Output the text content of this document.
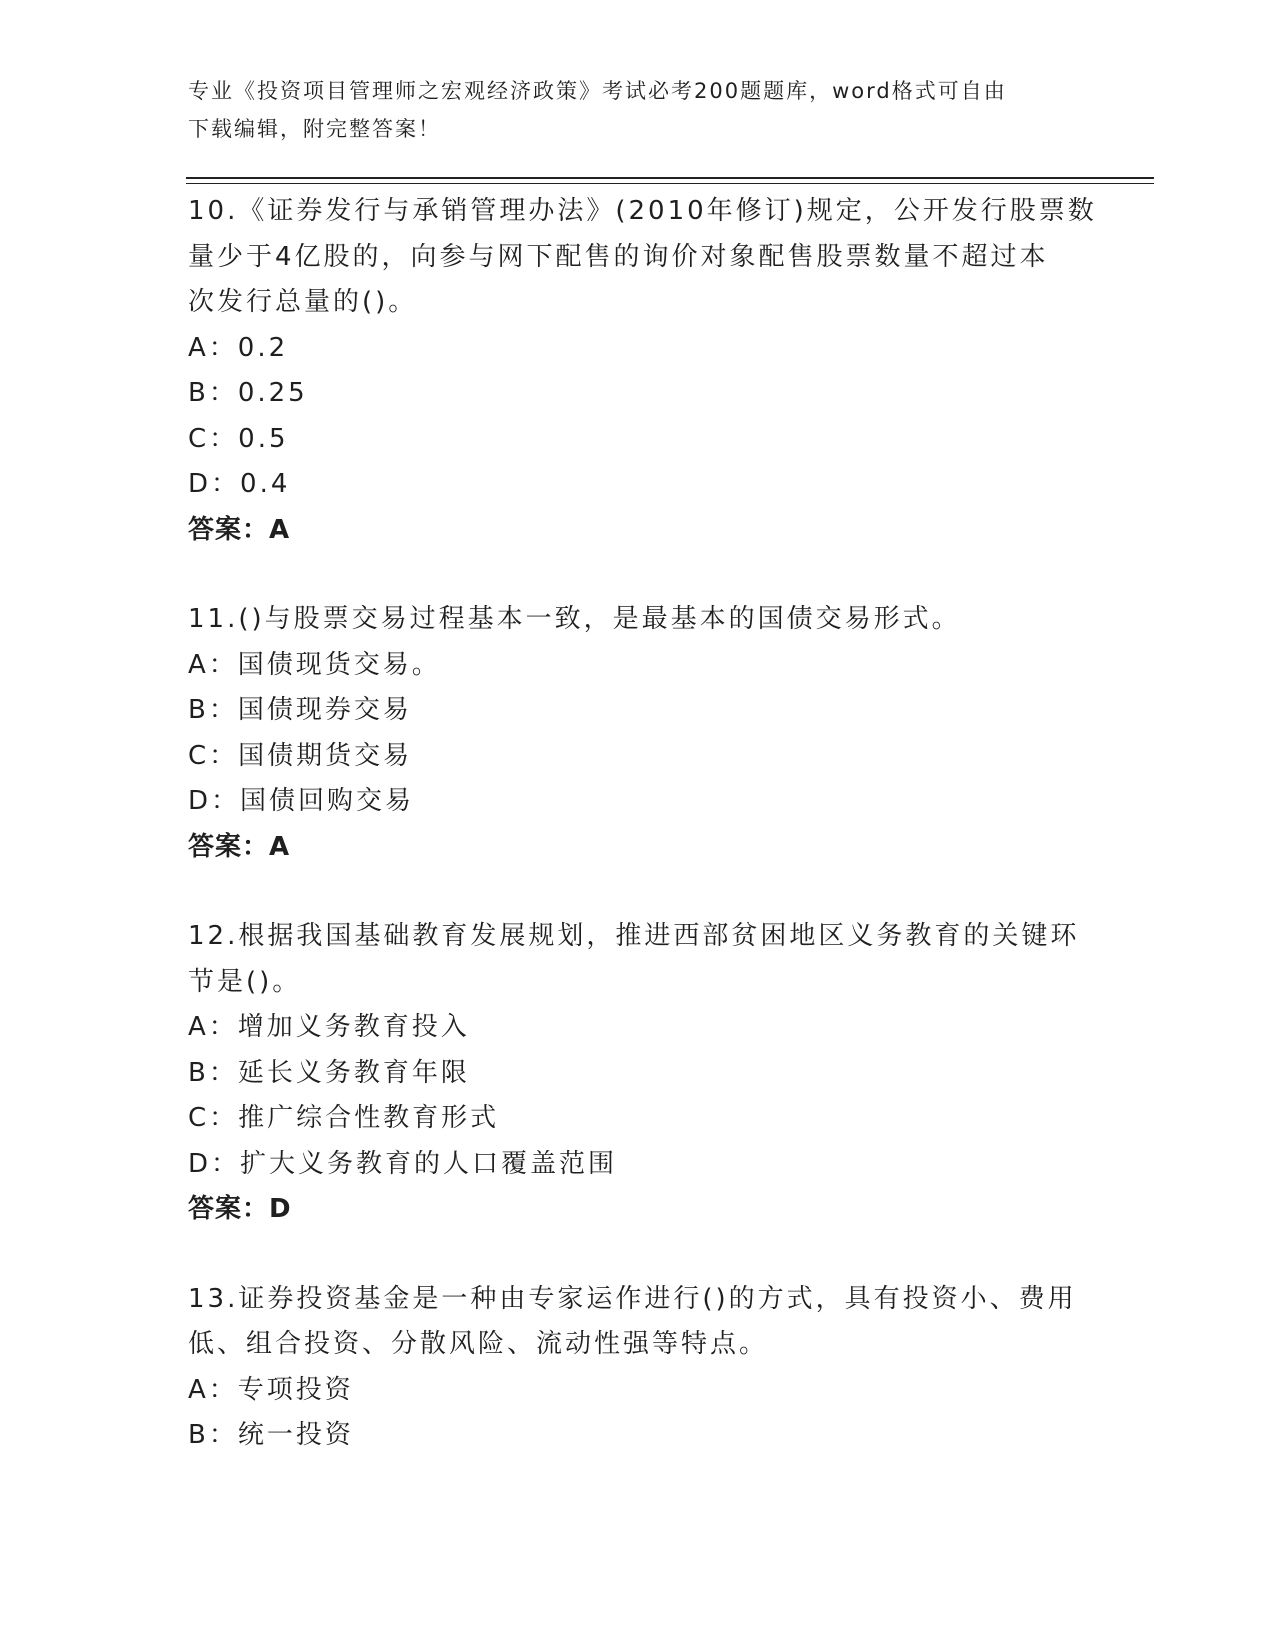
专业《投资项目管理师之宏观经济政策》考试必考200题题库，word格式可自由
下载编辑，附完整答案！
10.《证券发行与承销管理办法》(2010年修订)规定，公开发行股票数
量少于4亿股的，向参与网下配售的询价对象配售股票数量不超过本
次发行总量的()。
A：0.2
B：0.25
C：0.5
D：0.4
答案：A
11.()与股票交易过程基本一致，是最基本的国债交易形式。
A：国债现货交易。
B：国债现券交易
C：国债期货交易
D：国债回购交易
答案：A
12.根据我国基础教育发展规划，推进西部贫困地区义务教育的关键环
节是()。
A：增加义务教育投入
B：延长义务教育年限
C：推广综合性教育形式
D：扩大义务教育的人口覆盖范围
答案：D
13.证券投资基金是一种由专家运作进行()的方式，具有投资小、费用
低、组合投资、分散风险、流动性强等特点。
A：专项投资
B：统一投资
